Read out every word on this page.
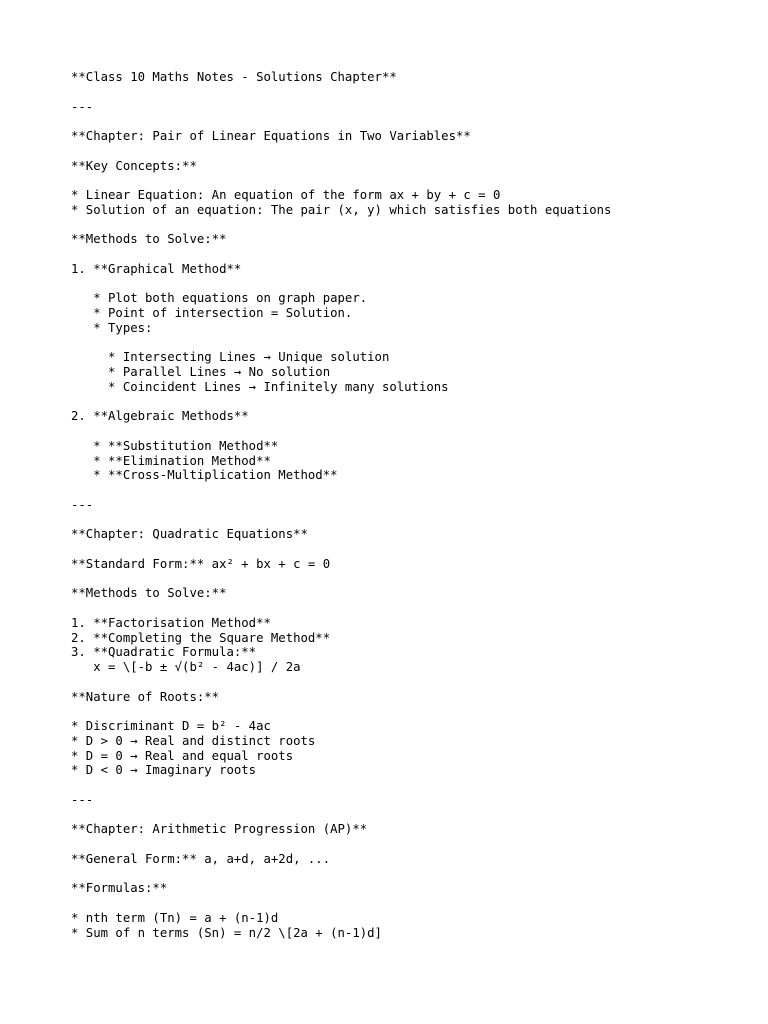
**Class 10 Maths Notes - Solutions Chapter**

---

**Chapter: Pair of Linear Equations in Two Variables**

**Key Concepts:**

* Linear Equation: An equation of the form ax + by + c = 0

* Solution of an equation: The pair (x, y) which satisfies both equations

**Methods to Solve:**

1. **Graphical Method**

* Plot both equations on graph paper.

* Point of intersection = Solution.

* Types:

* Intersecting Lines → Unique solution

* Parallel Lines → No solution

* Coincident Lines → Infinitely many solutions

2. **Algebraic Methods**

* **Substitution Method**

* **Elimination Method**

* **Cross-Multiplication Method**

---

**Chapter: Quadratic Equations**

**Standard Form:** ax² + bx + c = 0

**Methods to Solve:**

1. **Factorisation Method**

2. **Completing the Square Method**

3. **Quadratic Formula:**

x = \[-b ± √(b² - 4ac)] / 2a

**Nature of Roots:**

* Discriminant D = b² - 4ac

* D > 0 → Real and distinct roots

* D = 0 → Real and equal roots

* D < 0 → Imaginary roots

---

**Chapter: Arithmetic Progression (AP)**

**General Form:** a, a+d, a+2d, ...

**Formulas:**

* nth term (Tn) = a + (n-1)d

* Sum of n terms (Sn) = n/2 \[2a + (n-1)d]
